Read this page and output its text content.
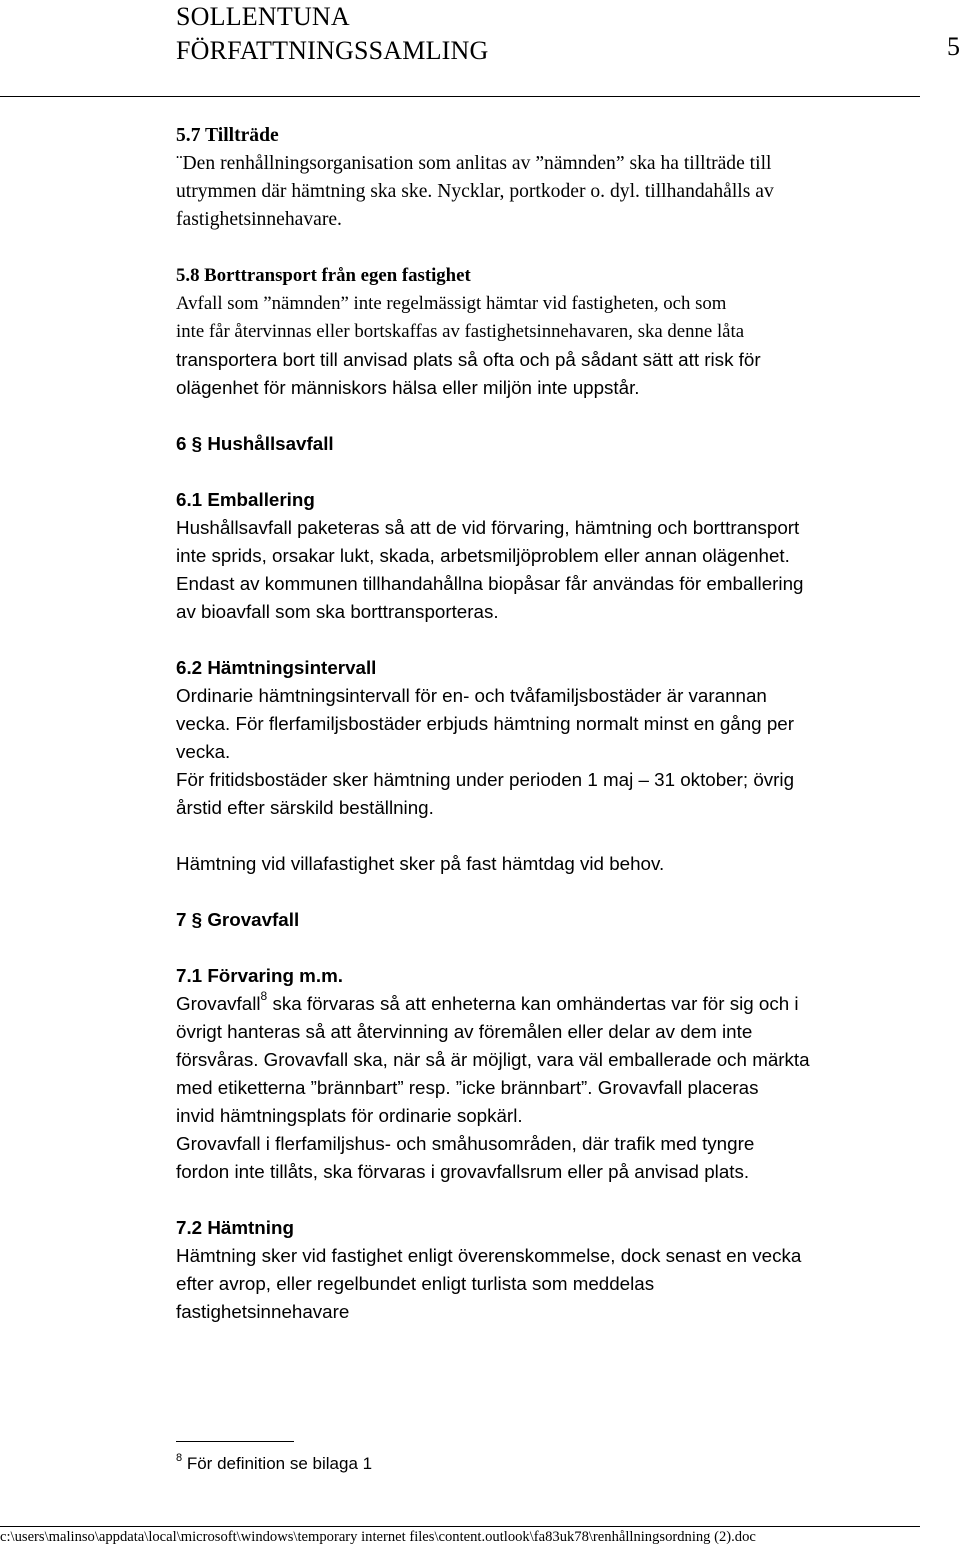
SOLLENTUNA
FÖRFATTNINGSSAMLING	5
5.7 Tillträde
¨Den renhållningsorganisation som anlitas av ”nämnden” ska ha tillträde till
utrymmen där hämtning ska ske. Nycklar, portkoder o. dyl. tillhandahålls av
fastighetsinnehavare.
5.8 Borttransport från egen fastighet
Avfall som ”nämnden” inte regelmässigt hämtar vid fastigheten, och som
inte får återvinnas eller bortskaffas av fastighetsinnehavaren, ska denne låta
transportera bort till anvisad plats så ofta och på sådant sätt att risk för
olägenhet för människors hälsa eller miljön inte uppstår.
6 § Hushållsavfall
6.1 Emballering
Hushållsavfall paketeras så att de vid förvaring, hämtning och borttransport
inte sprids, orsakar lukt, skada, arbetsmiljöproblem eller annan olägenhet.
Endast av kommunen tillhandahållna biopåsar får användas för emballering
av bioavfall som ska borttransporteras.
6.2 Hämtningsintervall
Ordinarie hämtningsintervall för en- och tvåfamiljsbostäder är varannan
vecka. För flerfamiljsbostäder erbjuds hämtning normalt minst en gång per
vecka.
För fritidsbostäder sker hämtning under perioden 1 maj – 31 oktober; övrig
årstid efter särskild beställning.
Hämtning vid villafastighet sker på fast hämtdag vid behov.
7 § Grovavfall
7.1 Förvaring m.m.
Grovavfall$^8$ ska förvaras så att enheterna kan omhändertas var för sig och i
övrigt hanteras så att återvinning av föremålen eller delar av dem inte
försvåras. Grovavfall ska, när så är möjligt, vara väl emballerade och märkta
med etiketterna ”brännbart” resp. ”icke brännbart”. Grovavfall placeras
invid hämtningsplats för ordinarie sopkärl.
Grovavfall i flerfamiljshus- och småhusområden, där trafik med tyngre
fordon inte tillåts, ska förvaras i grovavfallsrum eller på anvisad plats.
7.2 Hämtning
Hämtning sker vid fastighet enligt överenskommelse, dock senast en vecka
efter avrop, eller regelbundet enligt turlista som meddelas
fastighetsinnehavare
$^8$ För definition se bilaga 1
c:\users\malinso\appdata\local\microsoft\windows\temporary internet files\content.outlook\fa83uk78\renhållningsordning (2).doc
